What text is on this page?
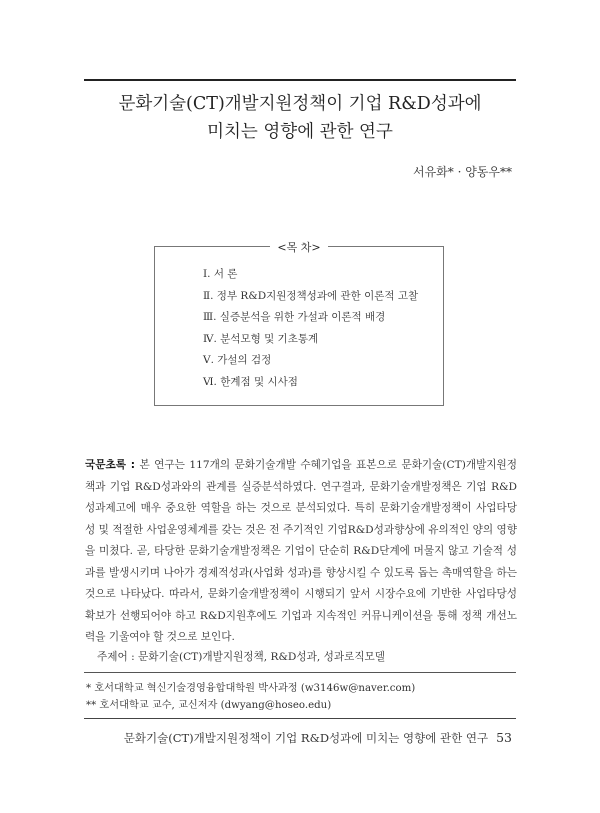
문화기술(CT)개발지원정책이 기업 R&D성과에
미치는 영향에 관한 연구
서유화* · 양동우**
<목 차>
Ⅰ. 서 론
Ⅱ. 정부 R&D지원정책성과에 관한 이론적 고찰
Ⅲ. 실증분석을 위한 가설과 이론적 배경
Ⅳ. 분석모형 및 기초통계
Ⅴ. 가설의 검정
Ⅵ. 한계점 및 시사점
국문초록 : 본 연구는 117개의 문화기술개발 수혜기업을 표본으로 문화기술(CT)개발지원정책과 기업 R&D성과와의 관계를 실증분석하였다. 연구결과, 문화기술개발정책은 기업 R&D성과제고에 매우 중요한 역할을 하는 것으로 분석되었다. 특히 문화기술개발정책이 사업타당성 및 적절한 사업운영체계를 갖는 것은 전 주기적인 기업R&D성과향상에 유의적인 양의 영향을 미쳤다. 곧, 타당한 문화기술개발정책은 기업이 단순히 R&D단계에 머물지 않고 기술적 성과를 발생시키며 나아가 경제적성과(사업화 성과)를 향상시킬 수 있도록 돕는 촉매역할을 하는 것으로 나타났다. 따라서, 문화기술개발정책이 시행되기 앞서 시장수요에 기반한 사업타당성확보가 선행되어야 하고 R&D지원후에도 기업과 지속적인 커뮤니케이션을 통해 정책 개선노력을 기울여야 할 것으로 보인다.
주제어 : 문화기술(CT)개발지원정책, R&D성과, 성과로직모델
* 호서대학교 혁신기술경영융합대학원 박사과정 (w3146w@naver.com)
** 호서대학교 교수, 교신저자 (dwyang@hoseo.edu)
문화기술(CT)개발지원정책이 기업 R&D성과에 미치는 영향에 관한 연구 53
